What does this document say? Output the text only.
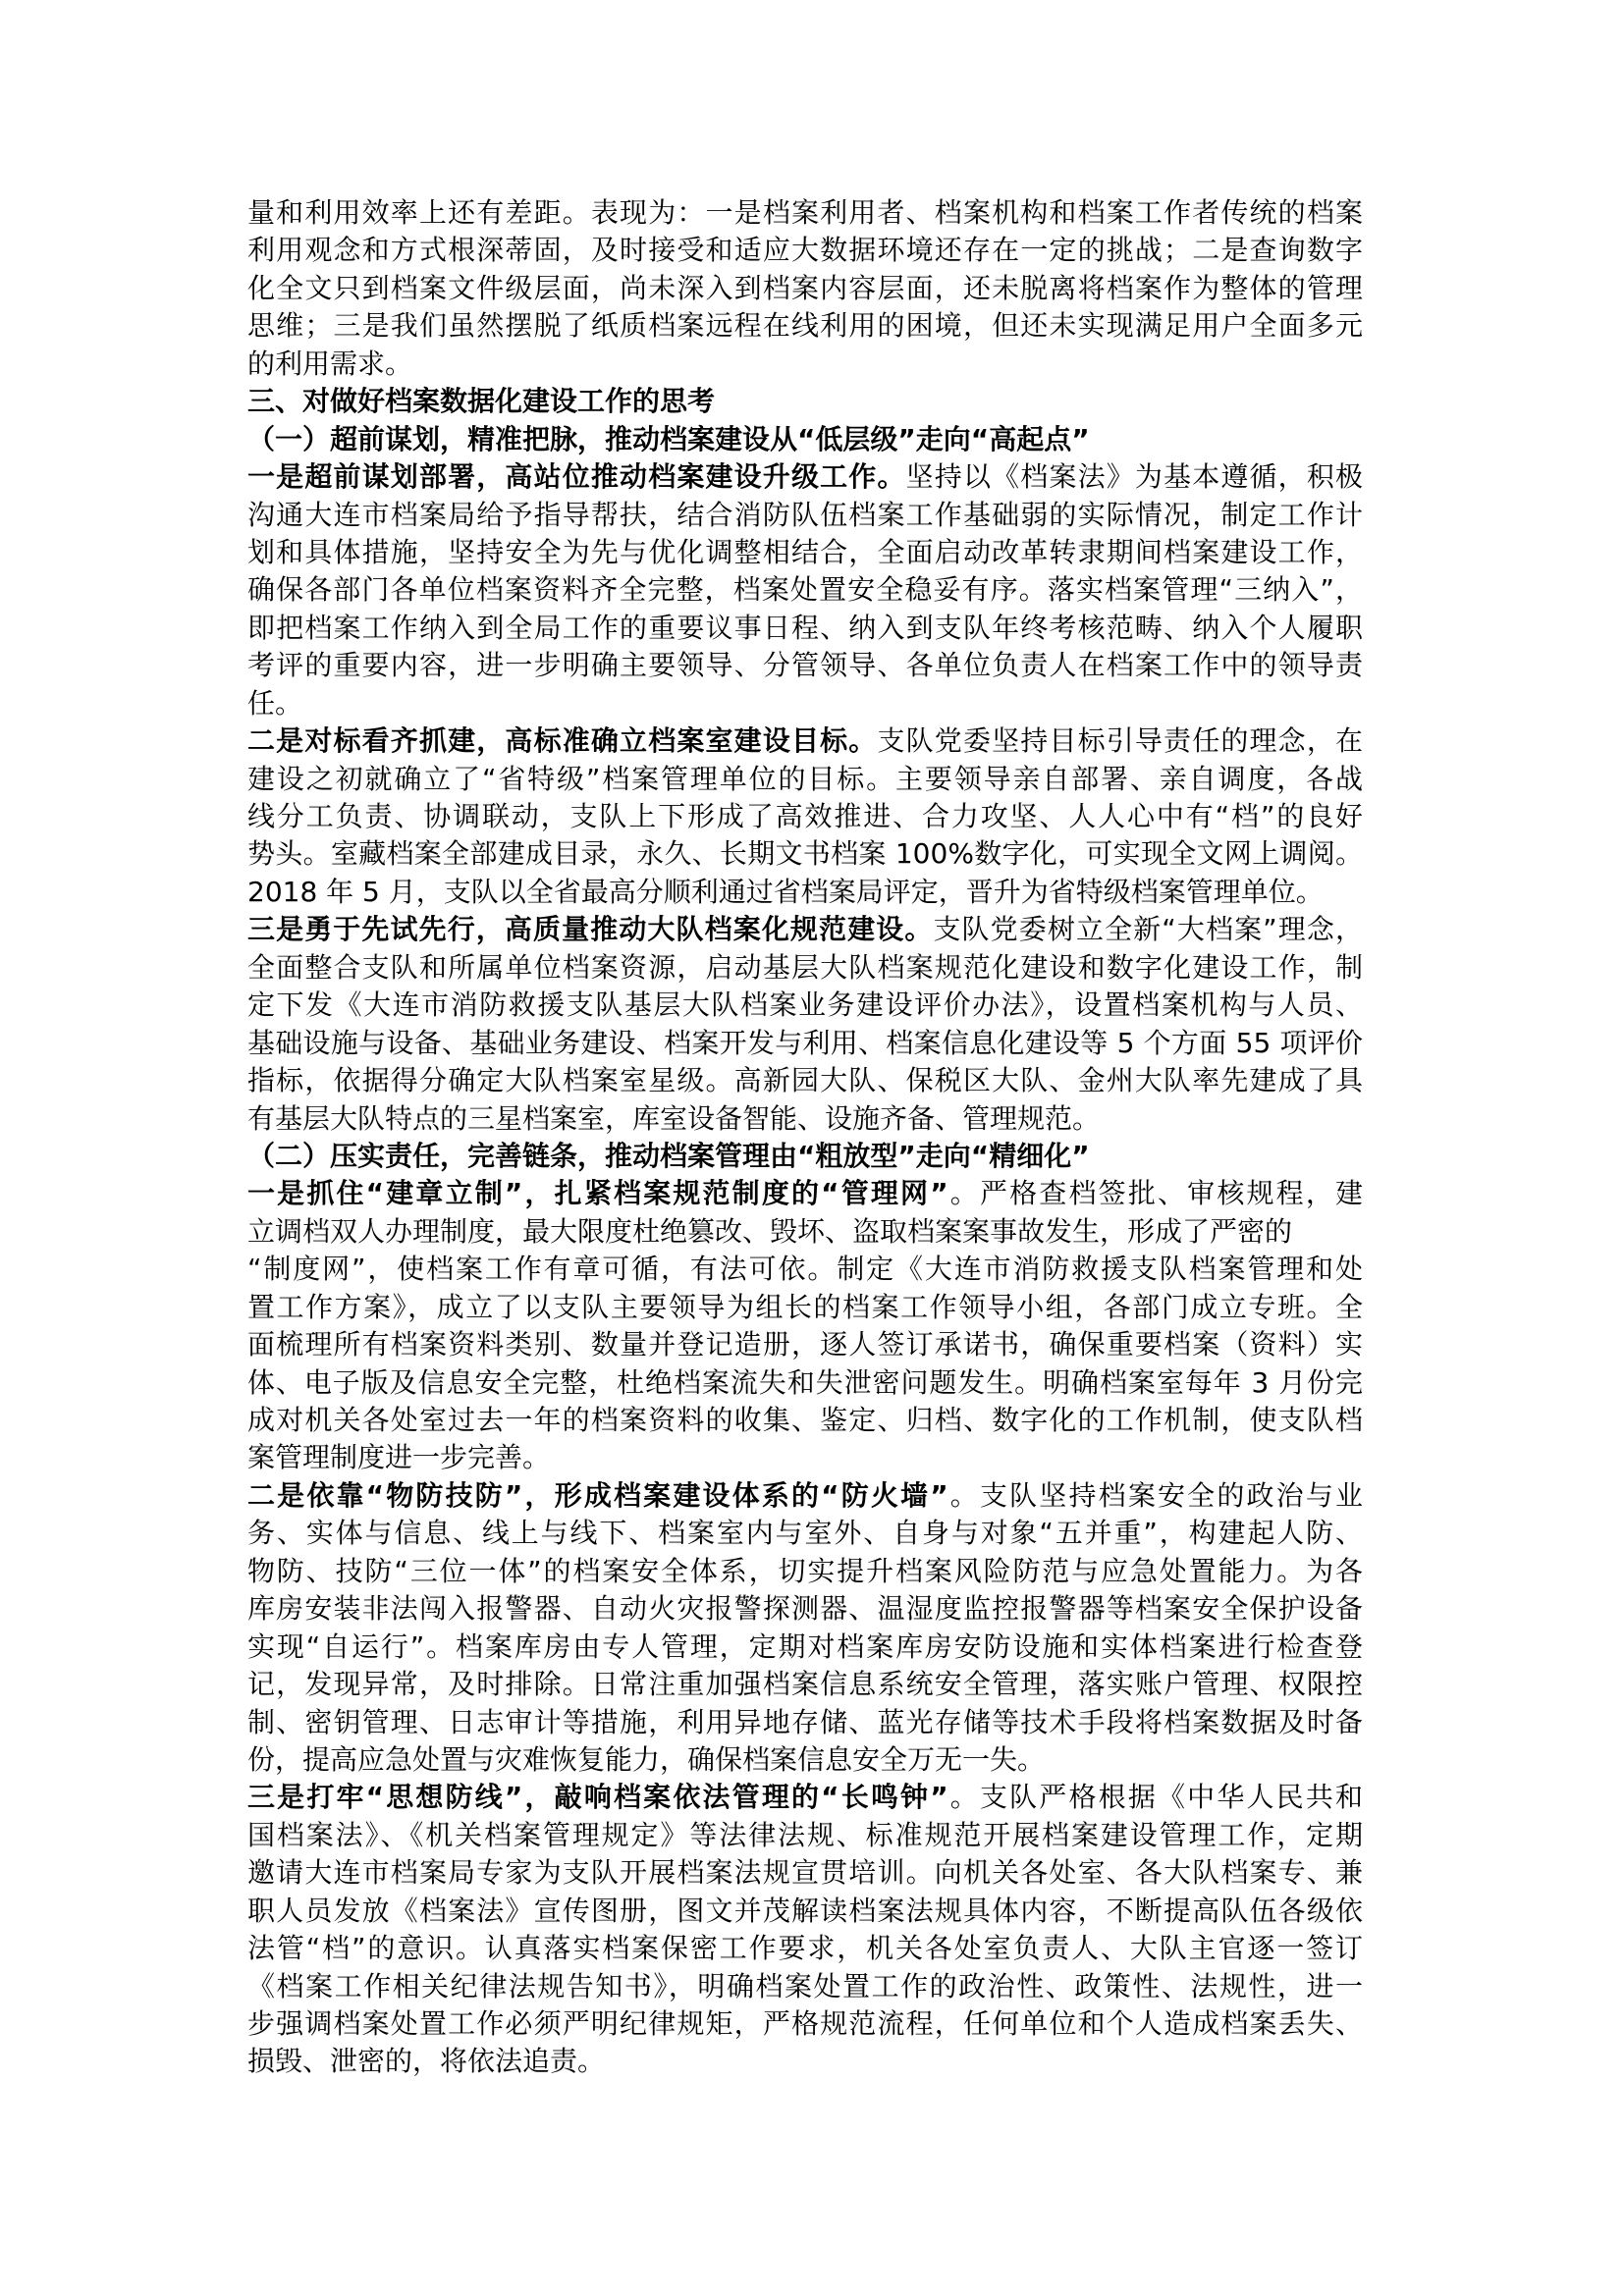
量和利用效率上还有差距。表现为：一是档案利用者、档案机构和档案工作者传统的档案
利用观念和方式根深蒂固，及时接受和适应大数据环境还存在一定的挑战；二是查询数字
化全文只到档案文件级层面，尚未深入到档案内容层面，还未脱离将档案作为整体的管理
思维；三是我们虽然摆脱了纸质档案远程在线利用的困境，但还未实现满足用户全面多元
的利用需求。
三、对做好档案数据化建设工作的思考
（一）超前谋划，精准把脉，推动档案建设从“低层级”走向“高起点”
一是超前谋划部署，高站位推动档案建设升级工作。坚持以《档案法》为基本遵循，积极
沟通大连市档案局给予指导帮扶，结合消防队伍档案工作基础弱的实际情况，制定工作计
划和具体措施，坚持安全为先与优化调整相结合，全面启动改革转隶期间档案建设工作，
确保各部门各单位档案资料齐全完整，档案处置安全稳妥有序。落实档案管理“三纳入”，
即把档案工作纳入到全局工作的重要议事日程、纳入到支队年终考核范畴、纳入个人履职
考评的重要内容，进一步明确主要领导、分管领导、各单位负责人在档案工作中的领导责
任。
二是对标看齐抓建，高标准确立档案室建设目标。支队党委坚持目标引导责任的理念，在
建设之初就确立了“省特级”档案管理单位的目标。主要领导亲自部署、亲自调度，各战
线分工负责、协调联动，支队上下形成了高效推进、合力攻坚、人人心中有“档”的良好
势头。室藏档案全部建成目录，永久、长期文书档案 100%数字化，可实现全文网上调阅。
2018 年 5 月，支队以全省最高分顺利通过省档案局评定，晋升为省特级档案管理单位。
三是勇于先试先行，高质量推动大队档案化规范建设。支队党委树立全新“大档案”理念，
全面整合支队和所属单位档案资源，启动基层大队档案规范化建设和数字化建设工作，制
定下发《大连市消防救援支队基层大队档案业务建设评价办法》，设置档案机构与人员、
基础设施与设备、基础业务建设、档案开发与利用、档案信息化建设等 5 个方面 55 项评价
指标，依据得分确定大队档案室星级。高新园大队、保税区大队、金州大队率先建成了具
有基层大队特点的三星档案室，库室设备智能、设施齐备、管理规范。
（二）压实责任，完善链条，推动档案管理由“粗放型”走向“精细化”
一是抓住“建章立制”，扎紧档案规范制度的“管理网”。严格查档签批、审核规程，建
立调档双人办理制度，最大限度杜绝篡改、毁坏、盗取档案案事故发生，形成了严密的
“制度网”，使档案工作有章可循，有法可依。制定《大连市消防救援支队档案管理和处
置工作方案》，成立了以支队主要领导为组长的档案工作领导小组，各部门成立专班。全
面梳理所有档案资料类别、数量并登记造册，逐人签订承诺书，确保重要档案（资料）实
体、电子版及信息安全完整，杜绝档案流失和失泄密问题发生。明确档案室每年 3 月份完
成对机关各处室过去一年的档案资料的收集、鉴定、归档、数字化的工作机制，使支队档
案管理制度进一步完善。
二是依靠“物防技防”，形成档案建设体系的“防火墙”。支队坚持档案安全的政治与业
务、实体与信息、线上与线下、档案室内与室外、自身与对象“五并重”，构建起人防、
物防、技防“三位一体”的档案安全体系，切实提升档案风险防范与应急处置能力。为各
库房安装非法闯入报警器、自动火灾报警探测器、温湿度监控报警器等档案安全保护设备
实现“自运行”。档案库房由专人管理，定期对档案库房安防设施和实体档案进行检查登
记，发现异常，及时排除。日常注重加强档案信息系统安全管理，落实账户管理、权限控
制、密钥管理、日志审计等措施，利用异地存储、蓝光存储等技术手段将档案数据及时备
份，提高应急处置与灾难恢复能力，确保档案信息安全万无一失。
三是打牢“思想防线”，敲响档案依法管理的“长鸣钟”。支队严格根据《中华人民共和
国档案法》、《机关档案管理规定》等法律法规、标准规范开展档案建设管理工作，定期
邀请大连市档案局专家为支队开展档案法规宣贯培训。向机关各处室、各大队档案专、兼
职人员发放《档案法》宣传图册，图文并茂解读档案法规具体内容，不断提高队伍各级依
法管“档”的意识。认真落实档案保密工作要求，机关各处室负责人、大队主官逐一签订
《档案工作相关纪律法规告知书》，明确档案处置工作的政治性、政策性、法规性，进一
步强调档案处置工作必须严明纪律规矩，严格规范流程，任何单位和个人造成档案丢失、
损毁、泄密的，将依法追责。
